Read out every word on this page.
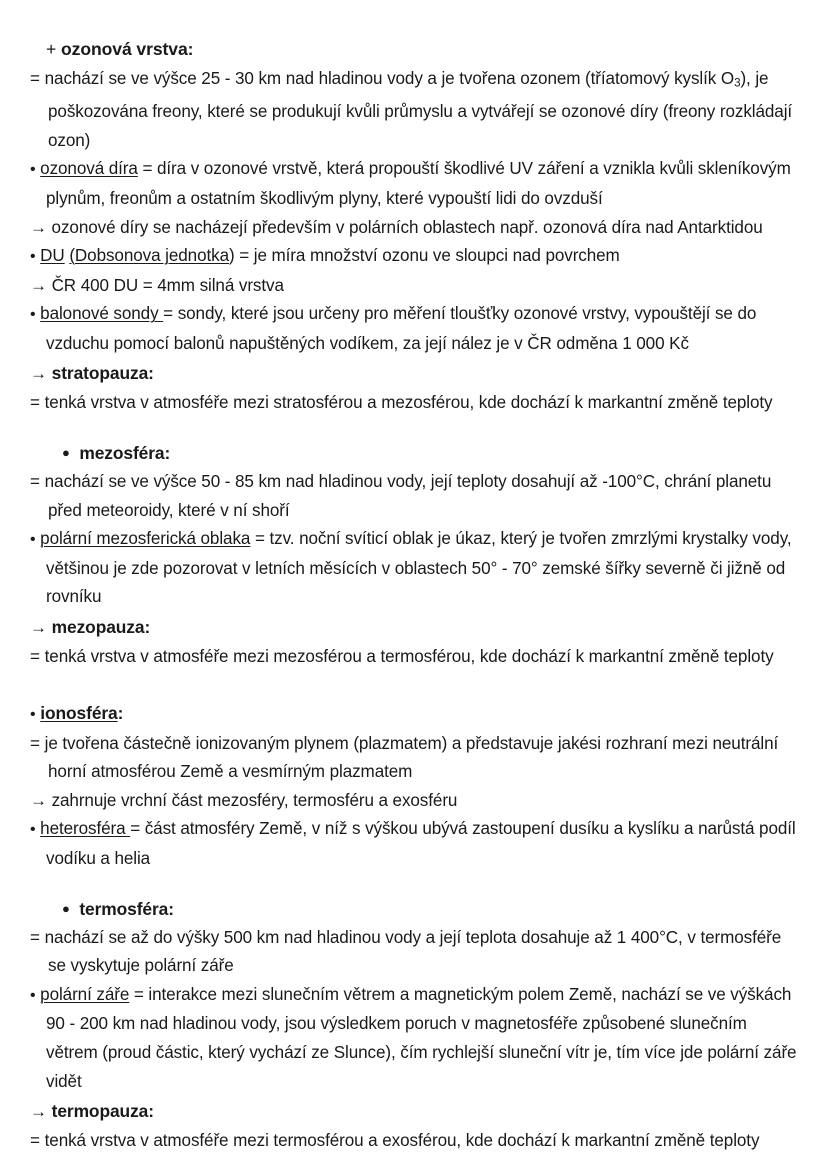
+ ozonová vrstva:
= nachází se ve výšce 25 - 30 km nad hladinou vody a je tvořena ozonem (tříatomový kyslík $O_3$), je poškozována freony, které se produkují kvůli průmyslu a vytvářejí se ozonové díry (freony rozkládají ozon)
• ozonová díra = díra v ozonové vrstvě, která propouští škodlivé UV záření a vznikla kvůli skleníkovým plynům, freonům a ostatním škodlivým plyny, které vypouští lidi do ovzduší
→ ozonové díry se nacházejí především v polárních oblastech např. ozonová díra nad Antarktidou
• DU (Dobsonova jednotka) = je míra množství ozonu ve sloupci nad povrchem
→ ČR 400 DU = 4mm silná vrstva
• balonové sondy = sondy, které jsou určeny pro měření tloušťky ozonové vrstvy, vypouštějí se do vzduchu pomocí balonů napuštěných vodíkem, za její nález je v ČR odměna 1 000 Kč
→ stratopauza:
= tenká vrstva v atmosféře mezi stratosférou a mezosférou, kde dochází k markantní změně teploty
● mezosféra:
= nachází se ve výšce 50 - 85 km nad hladinou vody, její teploty dosahují až -100°C, chrání planetu před meteoroidy, které v ní shoří
• polární mezosferická oblaka = tzv. noční svíticí oblak je úkaz, který je tvořen zmrzlými krystalky vody, většinou je zde pozorovat v letních měsících v oblastech 50° - 70° zemské šířky severně či jižně od rovníku
→ mezopauza:
= tenká vrstva v atmosféře mezi mezosférou a termosférou, kde dochází k markantní změně teploty
• ionosféra:
= je tvořena částečně ionizovaným plynem (plazmatem) a představuje jakési rozhraní mezi neutrální horní atmosférou Země a vesmírným plazmatem
→ zahrnuje vrchní část mezosféry, termosféru a exosféru
• heterosféra = část atmosféry Země, v níž s výškou ubývá zastoupení dusíku a kyslíku a narůstá podíl vodíku a helia
● termosféra:
= nachází se až do výšky 500 km nad hladinou vody a její teplota dosahuje až 1 400°C, v termosféře se vyskytuje polární záře
• polární záře = interakce mezi slunečním větrem a magnetickým polem Země, nachází se ve výškách 90 - 200 km nad hladinou vody, jsou výsledkem poruch v magnetosféře způsobené slunečním větrem (proud částic, který vychází ze Slunce), čím rychlejší sluneční vítr je, tím více jde polární záře vidět
→ termopauza:
= tenká vrstva v atmosféře mezi termosférou a exosférou, kde dochází k markantní změně teploty
